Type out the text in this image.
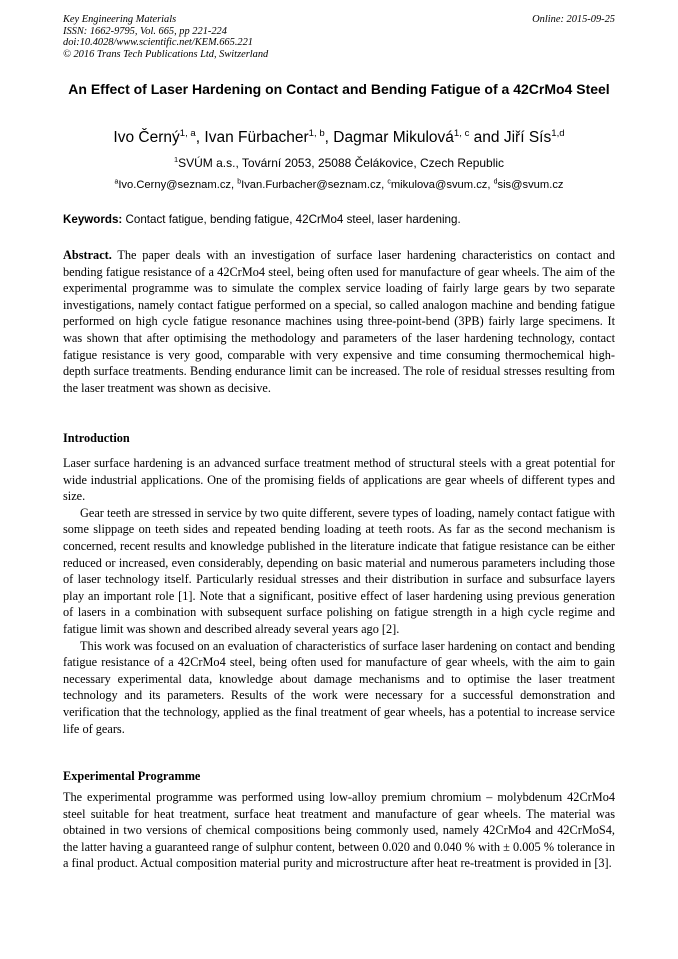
Key Engineering Materials
ISSN: 1662-9795, Vol. 665, pp 221-224
doi:10.4028/www.scientific.net/KEM.665.221
© 2016 Trans Tech Publications Ltd, Switzerland
Online: 2015-09-25
An Effect of Laser Hardening on Contact and Bending Fatigue of a 42CrMo4 Steel
Ivo Černý$^{1, a}$, Ivan Fürbacher$^{1, b}$, Dagmar Mikulová$^{1, c}$ and Jiří Sís$^{1,d}$
$^1$SVÚM a.s., Tovární 2053, 25088 Čelákovice, Czech Republic
$^a$Ivo.Cerny@seznam.cz, $^b$Ivan.Furbacher@seznam.cz, $^c$mikulova@svum.cz, $^d$sis@svum.cz
Keywords: Contact fatigue, bending fatigue, 42CrMo4 steel, laser hardening.

Abstract. The paper deals with an investigation of surface laser hardening characteristics on contact and bending fatigue resistance of a 42CrMo4 steel, being often used for manufacture of gear wheels. The aim of the experimental programme was to simulate the complex service loading of fairly large gears by two separate investigations, namely contact fatigue performed on a special, so called analogon machine and bending fatigue performed on high cycle fatigue resonance machines using three-point-bend (3PB) fairly large specimens. It was shown that after optimising the methodology and parameters of the laser hardening technology, contact fatigue resistance is very good, comparable with very expensive and time consuming thermochemical high-depth surface treatments. Bending endurance limit can be increased. The role of residual stresses resulting from the laser treatment was shown as decisive.

Introduction

Laser surface hardening is an advanced surface treatment method of structural steels with a great potential for wide industrial applications. One of the promising fields of applications are gear wheels of different types and size.

Gear teeth are stressed in service by two quite different, severe types of loading, namely contact fatigue with some slippage on teeth sides and repeated bending loading at teeth roots. As far as the second mechanism is concerned, recent results and knowledge published in the literature indicate that fatigue resistance can be either reduced or increased, even considerably, depending on basic material and numerous parameters including those of laser technology itself. Particularly residual stresses and their distribution in surface and subsurface layers play an important role [1]. Note that a significant, positive effect of laser hardening using previous generation of lasers in a combination with subsequent surface polishing on fatigue strength in a high cycle regime and fatigue limit was shown and described already several years ago [2].

This work was focused on an evaluation of characteristics of surface laser hardening on contact and bending fatigue resistance of a 42CrMo4 steel, being often used for manufacture of gear wheels, with the aim to gain necessary experimental data, knowledge about damage mechanisms and to optimise the laser treatment technology and its parameters. Results of the work were necessary for a successful demonstration and verification that the technology, applied as the final treatment of gear wheels, has a potential to increase service life of gears.

Experimental Programme

The experimental programme was performed using low-alloy premium chromium – molybdenum 42CrMo4 steel suitable for heat treatment, surface heat treatment and manufacture of gear wheels. The material was obtained in two versions of chemical compositions being commonly used, namely 42CrMo4 and 42CrMoS4, the latter having a guaranteed range of sulphur content, between 0.020 and 0.040 % with ± 0.005 % tolerance in a final product. Actual composition material purity and microstructure after heat re-treatment is provided in [3].
